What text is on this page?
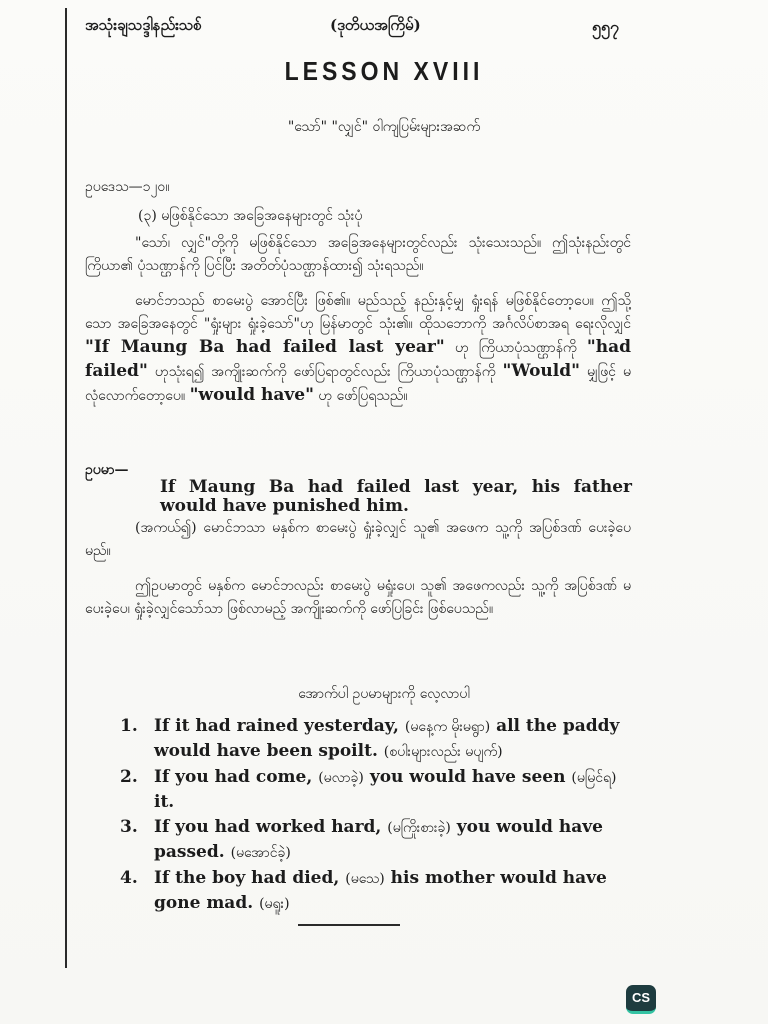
အသုံးချသဒ္ဒါနည်းသစ်	(ဒုတိယအကြိမ်)	၅၅၇
LESSON XVIII
"သော်" "လျှင်" ဝါကျပြမ်းများအဆက်
ဥပဒေသ—၁၂၀။
(၃) မဖြစ်နိုင်သော အခြေအနေများတွင် သုံးပုံ
"သော်၊ လျှင်"တို့ကို မဖြစ်နိုင်သော အခြေအနေများတွင်လည်း သုံးသေးသည်။ ဤသုံးနည်းတွင် ကြိယာ၏ ပုံသဏ္ဌာန်ကို ပြင်ပြီး အတိတ်ပုံသဏ္ဌာန်ထား၍ သုံးရသည်။
မောင်ဘသည် စာမေးပွဲ အောင်ပြီး ဖြစ်၏။ မည်သည့် နည်းနှင့်မျှ ရှုံးရန် မဖြစ်နိုင်တော့ပေ။ ဤသို့သော အခြေအနေတွင် "ရှုံးများ ရှုံးခဲ့သော်"ဟု မြန်မာတွင် သုံး၏။ ထိုသဘောကို အင်္ဂလိပ်စာအရ ရေးလိုလျှင် "If Maung Ba had failed last year" ဟု ကြိယာပုံသဏ္ဌာန်ကို "had failed" ဟုသုံးရ၍ အကျိုးဆက်ကို ဖော်ပြရာတွင်လည်း ကြိယာပုံသဏ္ဌာန်ကို "Would" မျှဖြင့် မလုံလောက်တော့ပေ။ "would have" ဟု ဖော်ပြရသည်။
ဥပမာ—
If Maung Ba had failed last year, his father would have punished him.
(အကယ်၍) မောင်ဘသာ မနှစ်က စာမေးပွဲ ရှုံးခဲ့လျှင် သူ၏ အဖေက သူ့ကို အပြစ်ဒဏ် ပေးခဲ့ပေမည်။
ဤဥပမာတွင် မနှစ်က မောင်ဘလည်း စာမေးပွဲ မရှုံးပေ၊ သူ၏ အဖေကလည်း သူ့ကို အပြစ်ဒဏ် မပေးခဲ့ပေ၊ ရှုံးခဲ့လျှင်သော်သာ ဖြစ်လာမည့် အကျိုးဆက်ကို ဖော်ပြခြင်း ဖြစ်ပေသည်။
အောက်ပါ ဥပမာများကို လေ့လာပါ
1. If it had rained yesterday, (မနေ့က မိုးမရွာ) all the paddy would have been spoilt. (စပါးများလည်း မပျက်)
2. If you had come, (မလာခဲ့) you would have seen (မမြင်ရ) it.
3. If you had worked hard, (မကြိုးစားခဲ့) you would have passed. (မအောင်ခဲ့)
4. If the boy had died, (မသေ) his mother would have gone mad. (မရူး)
CS
